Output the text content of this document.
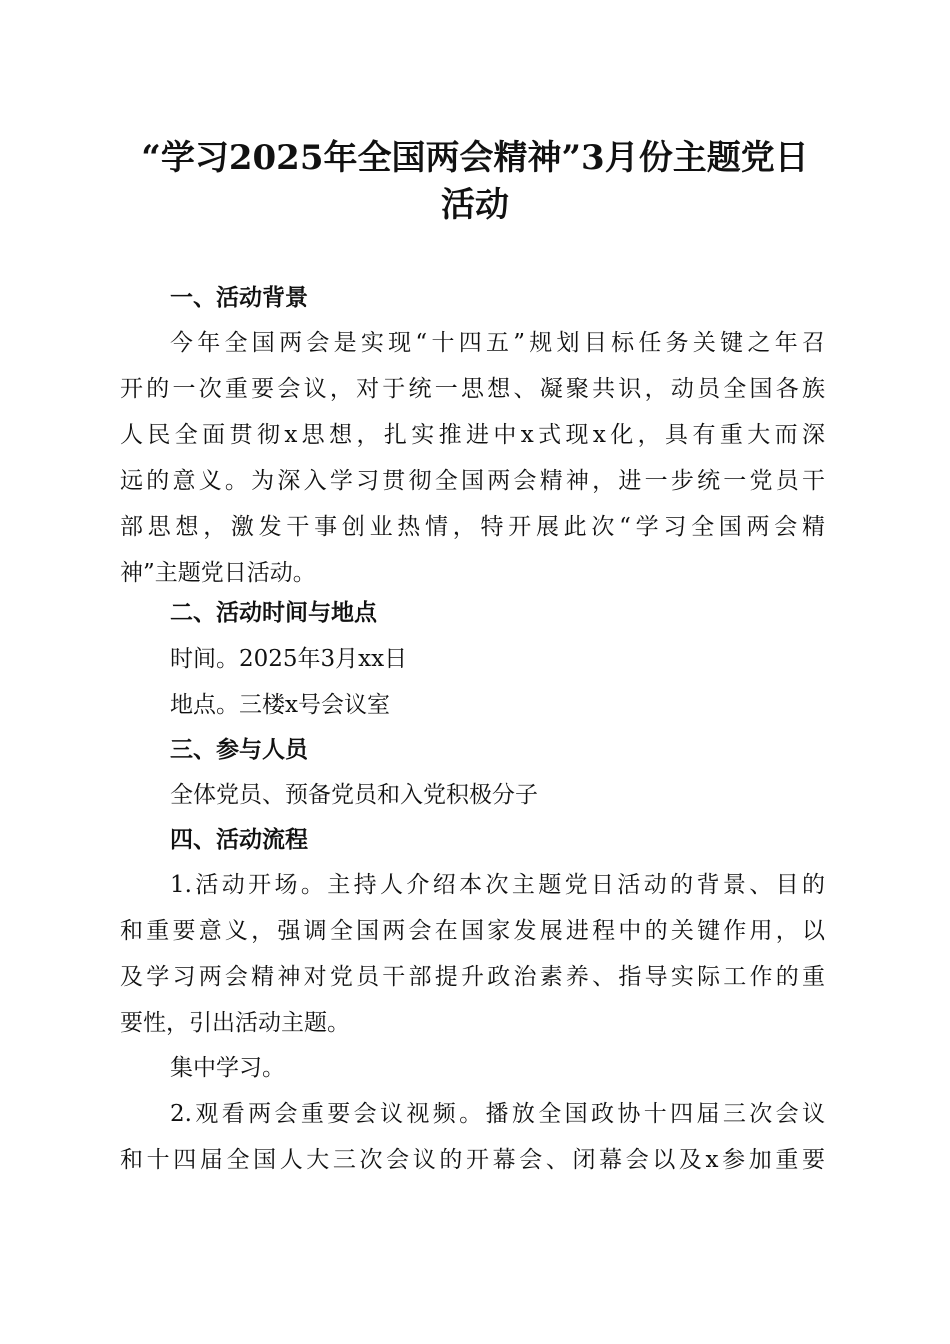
“学习2025年全国两会精神”3月份主题党日
活动
一、活动背景
今年全国两会是实现“十四五”规划目标任务关键之年召
开的一次重要会议，对于统一思想、凝聚共识，动员全国各族
人民全面贯彻x思想，扎实推进中x式现x化，具有重大而深
远的意义。为深入学习贯彻全国两会精神，进一步统一党员干
部思想，激发干事创业热情，特开展此次“学习全国两会精
神”主题党日活动。
二、活动时间与地点
时间。2025年3月xx日
地点。三楼x号会议室
三、参与人员
全体党员、预备党员和入党积极分子
四、活动流程
1.活动开场。主持人介绍本次主题党日活动的背景、目的
和重要意义，强调全国两会在国家发展进程中的关键作用，以
及学习两会精神对党员干部提升政治素养、指导实际工作的重
要性，引出活动主题。
集中学习。
2.观看两会重要会议视频。播放全国政协十四届三次会议
和十四届全国人大三次会议的开幕会、闭幕会以及x参加重要
